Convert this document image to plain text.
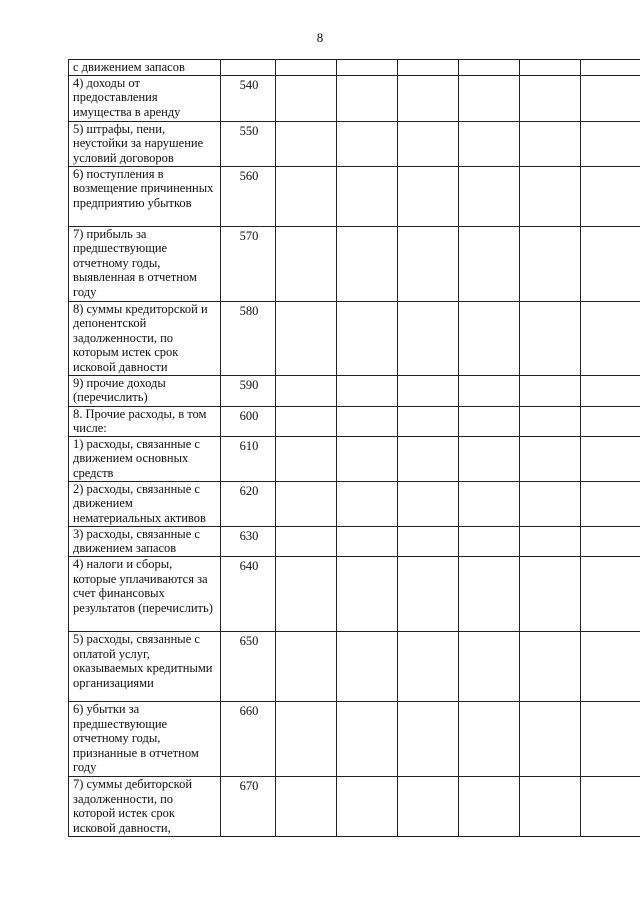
8
с движением запасов								
4) доходы от предоставления имущества в аренду	540							
5) штрафы, пени, неустойки за нарушение условий договоров	550							
6) поступления в возмещение причиненных предприятию убытков	560							
7) прибыль за предшествующие отчетному годы, выявленная в отчетном году	570							
8) суммы кредиторской и депонентской задолженности, по которым истек срок исковой давности	580							
9) прочие доходы (перечислить)	590							
8. Прочие расходы, в том числе:	600							
1) расходы, связанные с движением основных средств	610							
2) расходы, связанные с движением нематериальных активов	620							
3) расходы, связанные с движением запасов	630							
4) налоги и сборы, которые уплачиваются за счет финансовых результатов (перечислить)	640							
5) расходы, связанные с оплатой услуг, оказываемых кредитными организациями	650							
6) убытки за предшествующие отчетному годы, признанные в отчетном году	660							
7) суммы дебиторской задолженности, по которой истек срок исковой давности,	670							
